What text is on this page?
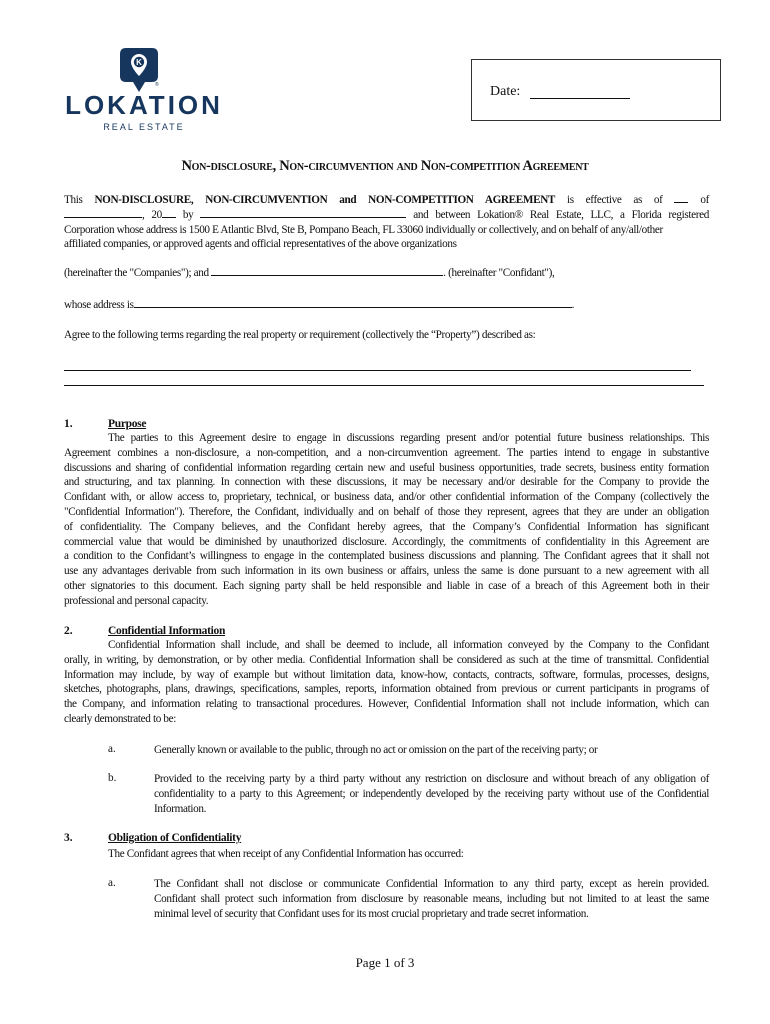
K
®
LOKATION
REAL ESTATE
Date:
Non-disclosure, Non-circumvention and Non-competition Agreement
This NON-DISCLOSURE, NON-CIRCUMVENTION and NON-COMPETITION AGREEMENT is effective as of	of
, 20 by	and between Lokation® Real Estate, LLC, a Florida registered
Corporation whose address is 1500 E Atlantic Blvd, Ste B, Pompano Beach, FL 33060 individually or collectively, and on behalf of any/all/other
affiliated companies, or approved agents and official representatives of the above organizations
(hereinafter the "Companies"); and	. (hereinafter "Confidant"),
whose address is	.
Agree to the following terms regarding the real property or requirement (collectively the “Property”) described as:
1.	Purpose
The parties to this Agreement desire to engage in discussions regarding present and/or potential future business relationships. This
Agreement combines a non-disclosure, a non-competition, and a non-circumvention agreement. The parties intend to engage in substantive
discussions and sharing of confidential information regarding certain new and useful business opportunities, trade secrets, business entity formation
and structuring, and tax planning. In connection with these discussions, it may be necessary and/or desirable for the Company to provide the
Confidant with, or allow access to, proprietary, technical, or business data, and/or other confidential information of the Company (collectively the
"Confidential Information"). Therefore, the Confidant, individually and on behalf of those they represent, agrees that they are under an obligation
of confidentiality. The Company believes, and the Confidant hereby agrees, that the Company’s Confidential Information has significant
commercial value that would be diminished by unauthorized disclosure. Accordingly, the commitments of confidentiality in this Agreement are
a condition to the Confidant’s willingness to engage in the contemplated business discussions and planning. The Confidant agrees that it shall not
use any advantages derivable from such information in its own business or affairs, unless the same is done pursuant to a new agreement with all
other signatories to this document. Each signing party shall be held responsible and liable in case of a breach of this Agreement both in their
professional and personal capacity.
2.	Confidential Information
Confidential Information shall include, and shall be deemed to include, all information conveyed by the Company to the Confidant
orally, in writing, by demonstration, or by other media. Confidential Information shall be considered as such at the time of transmittal. Confidential
Information may include, by way of example but without limitation data, know-how, contacts, contracts, software, formulas, processes, designs,
sketches, photographs, plans, drawings, specifications, samples, reports, information obtained from previous or current participants in programs of
the Company, and information relating to transactional procedures. However, Confidential Information shall not include information, which can
clearly demonstrated to be:
a.	Generally known or available to the public, through no act or omission on the part of the receiving party; or
b.	Provided to the receiving party by a third party without any restriction on disclosure and without breach of any obligation of
confidentiality to a party to this Agreement; or independently developed by the receiving party without use of the Confidential
Information.
3.	Obligation of Confidentiality
The Confidant agrees that when receipt of any Confidential Information has occurred:
a.	The Confidant shall not disclose or communicate Confidential Information to any third party, except as herein provided.
Confidant shall protect such information from disclosure by reasonable means, including but not limited to at least the same
minimal level of security that Confidant uses for its most crucial proprietary and trade secret information.
Page 1 of 3
